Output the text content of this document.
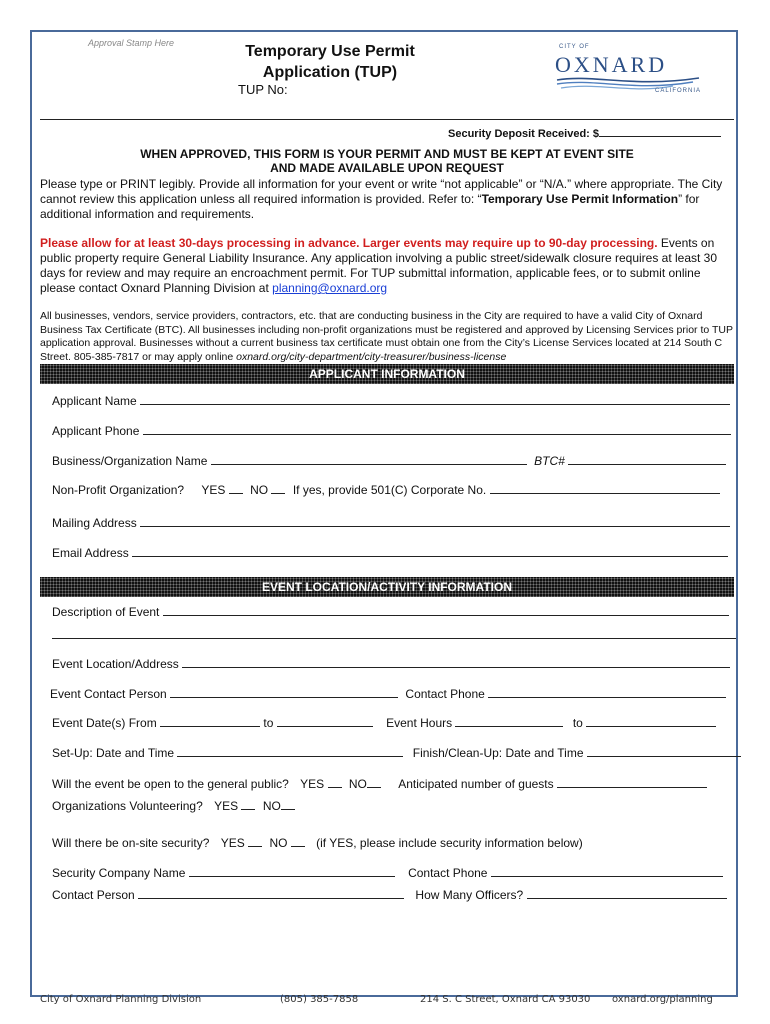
Approval Stamp Here	Temporary Use Permit
Application (TUP)
TUP No:
CITY OF
OXNARD
CALIFORNIA
Security Deposit Received: $
WHEN APPROVED, THIS FORM IS YOUR PERMIT AND MUST BE KEPT AT EVENT SITE
AND MADE AVAILABLE UPON REQUEST
Please type or PRINT legibly. Provide all information for your event or write “not applicable” or “N/A.” where appropriate. The City cannot review this application unless all required information is provided. Refer to: “Temporary Use Permit Information” for additional information and requirements.
Please allow for at least 30-days processing in advance. Larger events may require up to 90-day processing. Events on public property require General Liability Insurance. Any application involving a public street/sidewalk closure requires at least 30 days for review and may require an encroachment permit. For TUP submittal information, applicable fees, or to submit online please contact Oxnard Planning Division at planning@oxnard.org
All businesses, vendors, service providers, contractors, etc. that are conducting business in the City are required to have a valid City of Oxnard Business Tax Certificate (BTC). All businesses including non-profit organizations must be registered and approved by Licensing Services prior to TUP application approval. Businesses without a current business tax certificate must obtain one from the City’s License Services located at 214 South C Street. 805-385-7817 or may apply online oxnard.org/city-department/city-treasurer/business-license
APPLICANT INFORMATION
Applicant Name
Applicant Phone
Business/Organization Name	BTC#
Non-Profit Organization? YES NO If yes, provide 501(C) Corporate No.
Mailing Address
Email Address
EVENT LOCATION/ACTIVITY INFORMATION
Description of Event
Event Location/Address
Event Contact Person	Contact Phone
Event Date(s) From	to	Event Hours	to
Set-Up: Date and Time	Finish/Clean-Up: Date and Time
Will the event be open to the general public? YES NO	Anticipated number of guests
Organizations Volunteering? YES NO
Will there be on-site security? YES NO (if YES, please include security information below)
Security Company Name	Contact Phone
Contact Person	How Many Officers?
City of Oxnard Planning Division	(805) 385-7858	214 S. C Street, Oxnard CA 93030 oxnard.org/planning
